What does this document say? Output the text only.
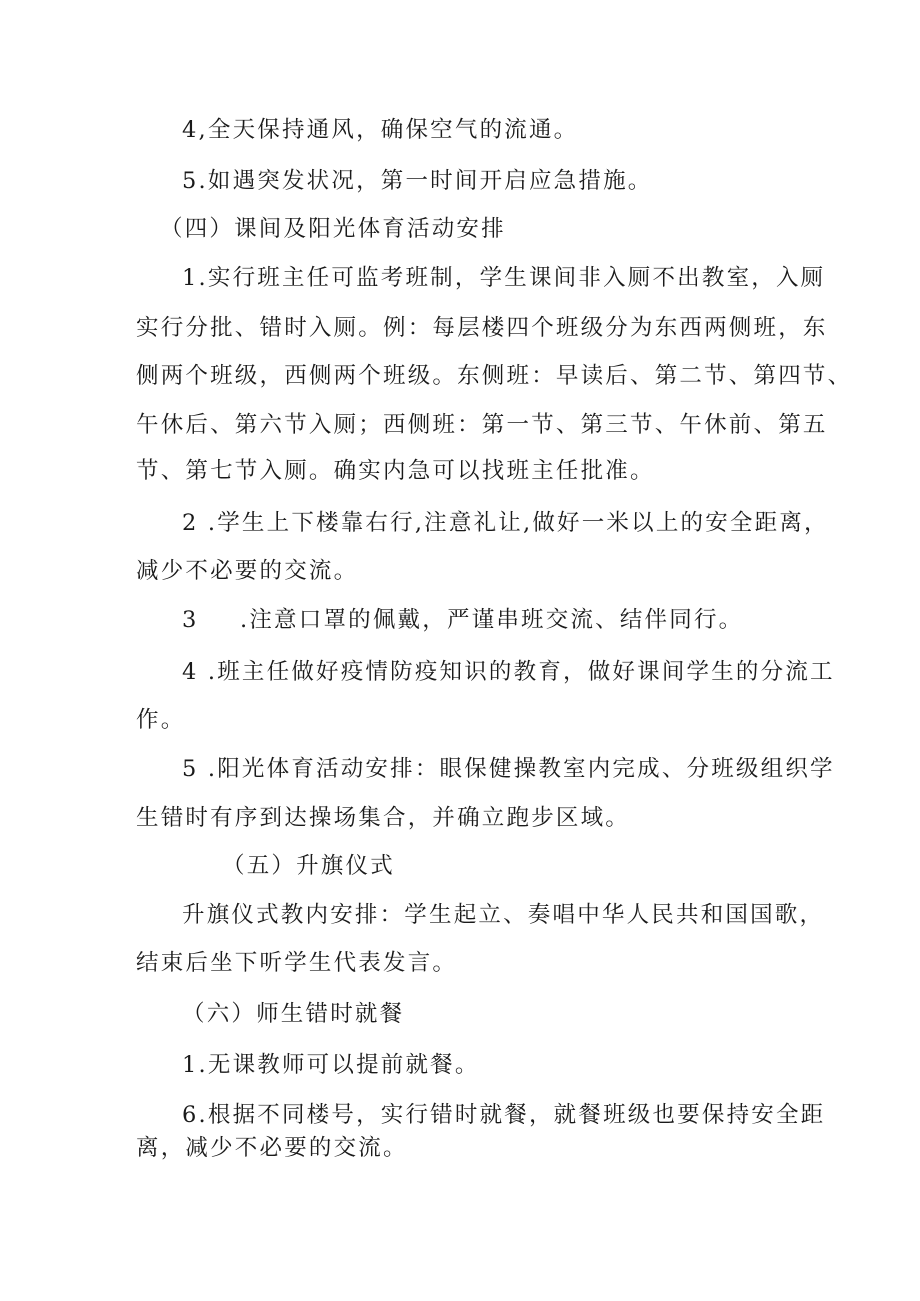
4,全天保持通风，确保空气的流通。
5.如遇突发状况，第一时间开启应急措施。
（四）课间及阳光体育活动安排
1.实行班主任可监考班制，学生课间非入厕不出教室，入厕
实行分批、错时入厕。例：每层楼四个班级分为东西两侧班，东
侧两个班级，西侧两个班级。东侧班：早读后、第二节、第四节、
午休后、第六节入厕；西侧班：第一节、第三节、午休前、第五
节、第七节入厕。确实内急可以找班主任批准。
2 .学生上下楼靠右行,注意礼让,做好一米以上的安全距离，
减少不必要的交流。
3 .注意口罩的佩戴，严谨串班交流、结伴同行。
4 .班主任做好疫情防疫知识的教育，做好课间学生的分流工
作。
5 .阳光体育活动安排：眼保健操教室内完成、分班级组织学
生错时有序到达操场集合，并确立跑步区域。
（五）升旗仪式
升旗仪式教内安排：学生起立、奏唱中华人民共和国国歌，
结束后坐下听学生代表发言。
（六）师生错时就餐
1.无课教师可以提前就餐。
6.根据不同楼号，实行错时就餐，就餐班级也要保持安全距
离，减少不必要的交流。
